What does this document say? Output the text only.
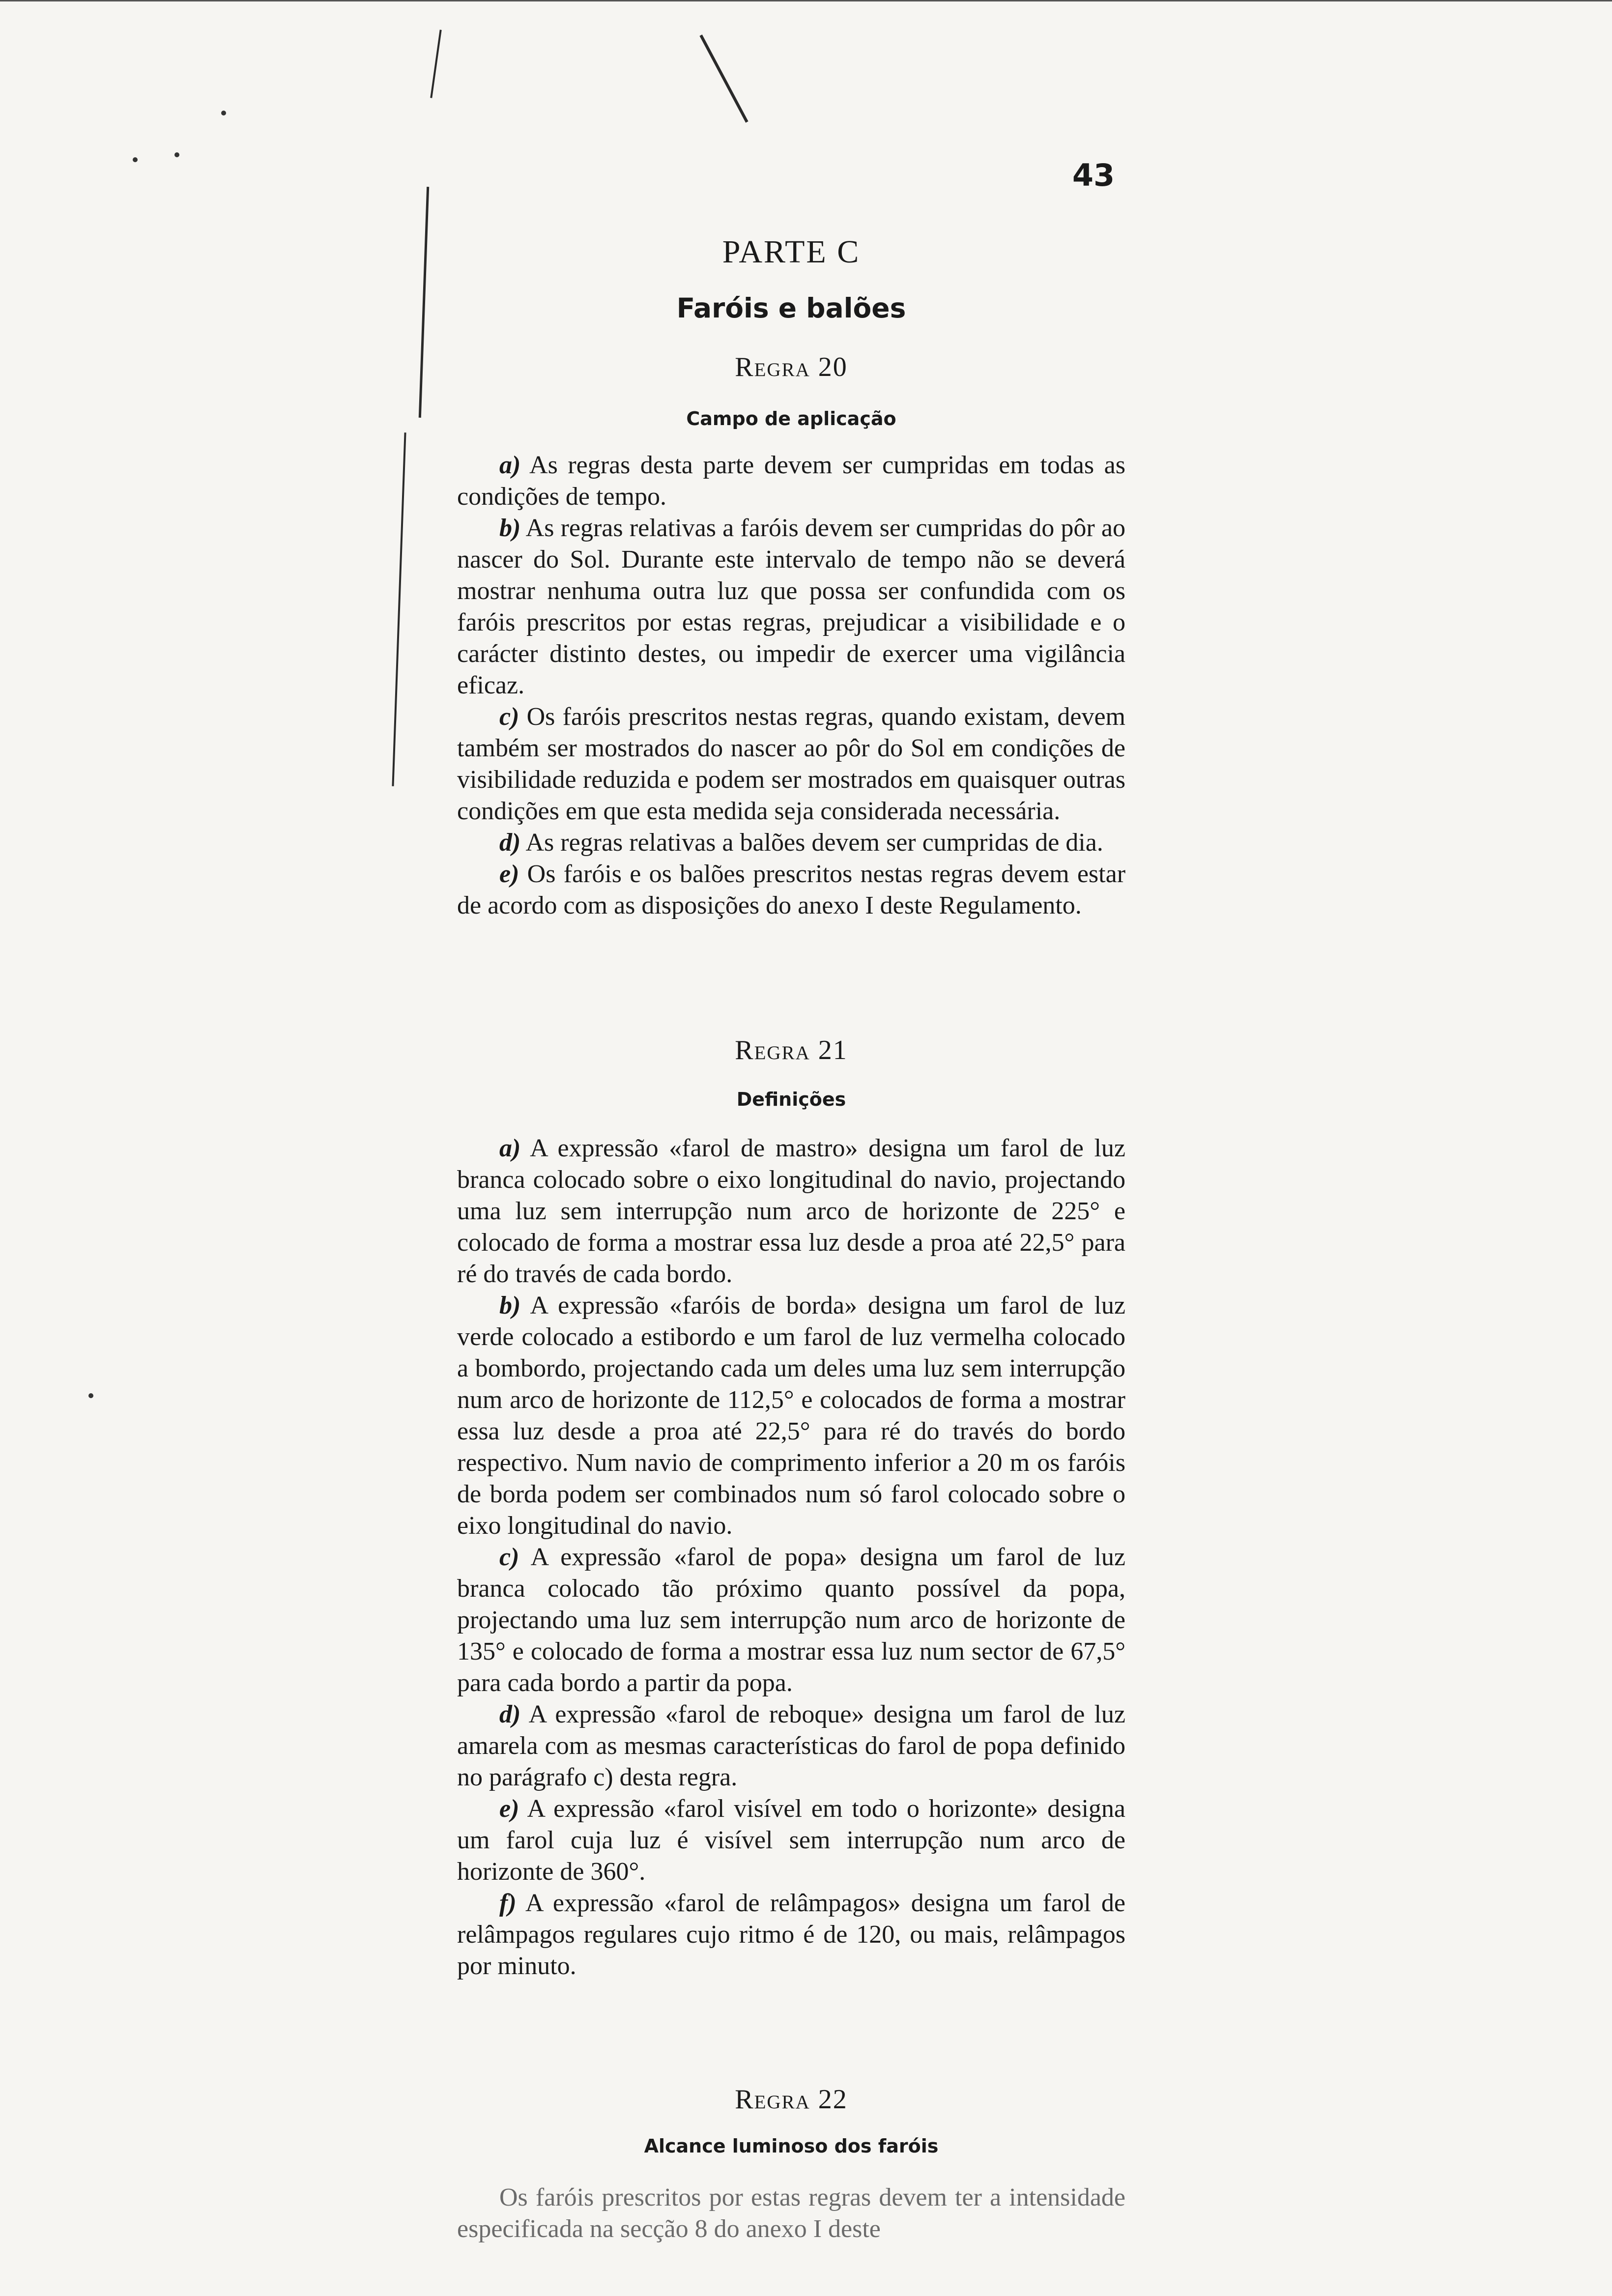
43
PARTE C
Faróis e balões
Regra 20
Campo de aplicação

a) As regras desta parte devem ser cumpridas em todas as condições de tempo.

b) As regras relativas a faróis devem ser cumpridas do pôr ao nascer do Sol. Durante este intervalo de tempo não se deverá mostrar nenhuma outra luz que possa ser confundida com os faróis prescritos por estas regras, prejudicar a visibilidade e o carácter distinto destes, ou impedir de exercer uma vigilância eficaz.

c) Os faróis prescritos nestas regras, quando existam, devem também ser mostrados do nascer ao pôr do Sol em condições de visibilidade reduzida e podem ser mostrados em quaisquer outras condições em que esta medida seja considerada necessária.

d) As regras relativas a balões devem ser cumpridas de dia.

e) Os faróis e os balões prescritos nestas regras devem estar de acordo com as disposições do anexo I deste Regulamento.

Regra 21
Definições

a) A expressão «farol de mastro» designa um farol de luz branca colocado sobre o eixo longitudinal do navio, projectando uma luz sem interrupção num arco de horizonte de 225° e colocado de forma a mostrar essa luz desde a proa até 22,5° para ré do través de cada bordo.

b) A expressão «faróis de borda» designa um farol de luz verde colocado a estibordo e um farol de luz vermelha colocado a bombordo, projectando cada um deles uma luz sem interrupção num arco de horizonte de 112,5° e colocados de forma a mostrar essa luz desde a proa até 22,5° para ré do través do bordo respectivo. Num navio de comprimento inferior a 20 m os faróis de borda podem ser combinados num só farol colocado sobre o eixo longitudinal do navio.

c) A expressão «farol de popa» designa um farol de luz branca colocado tão próximo quanto possível da popa, projectando uma luz sem interrupção num arco de horizonte de 135° e colocado de forma a mostrar essa luz num sector de 67,5° para cada bordo a partir da popa.

d) A expressão «farol de reboque» designa um farol de luz amarela com as mesmas características do farol de popa definido no parágrafo c) desta regra.

e) A expressão «farol visível em todo o horizonte» designa um farol cuja luz é visível sem interrupção num arco de horizonte de 360°.

f) A expressão «farol de relâmpagos» designa um farol de relâmpagos regulares cujo ritmo é de 120, ou mais, relâmpagos por minuto.

Regra 22
Alcance luminoso dos faróis

Os faróis prescritos por estas regras devem ter a intensidade especificada na secção 8 do anexo I deste
